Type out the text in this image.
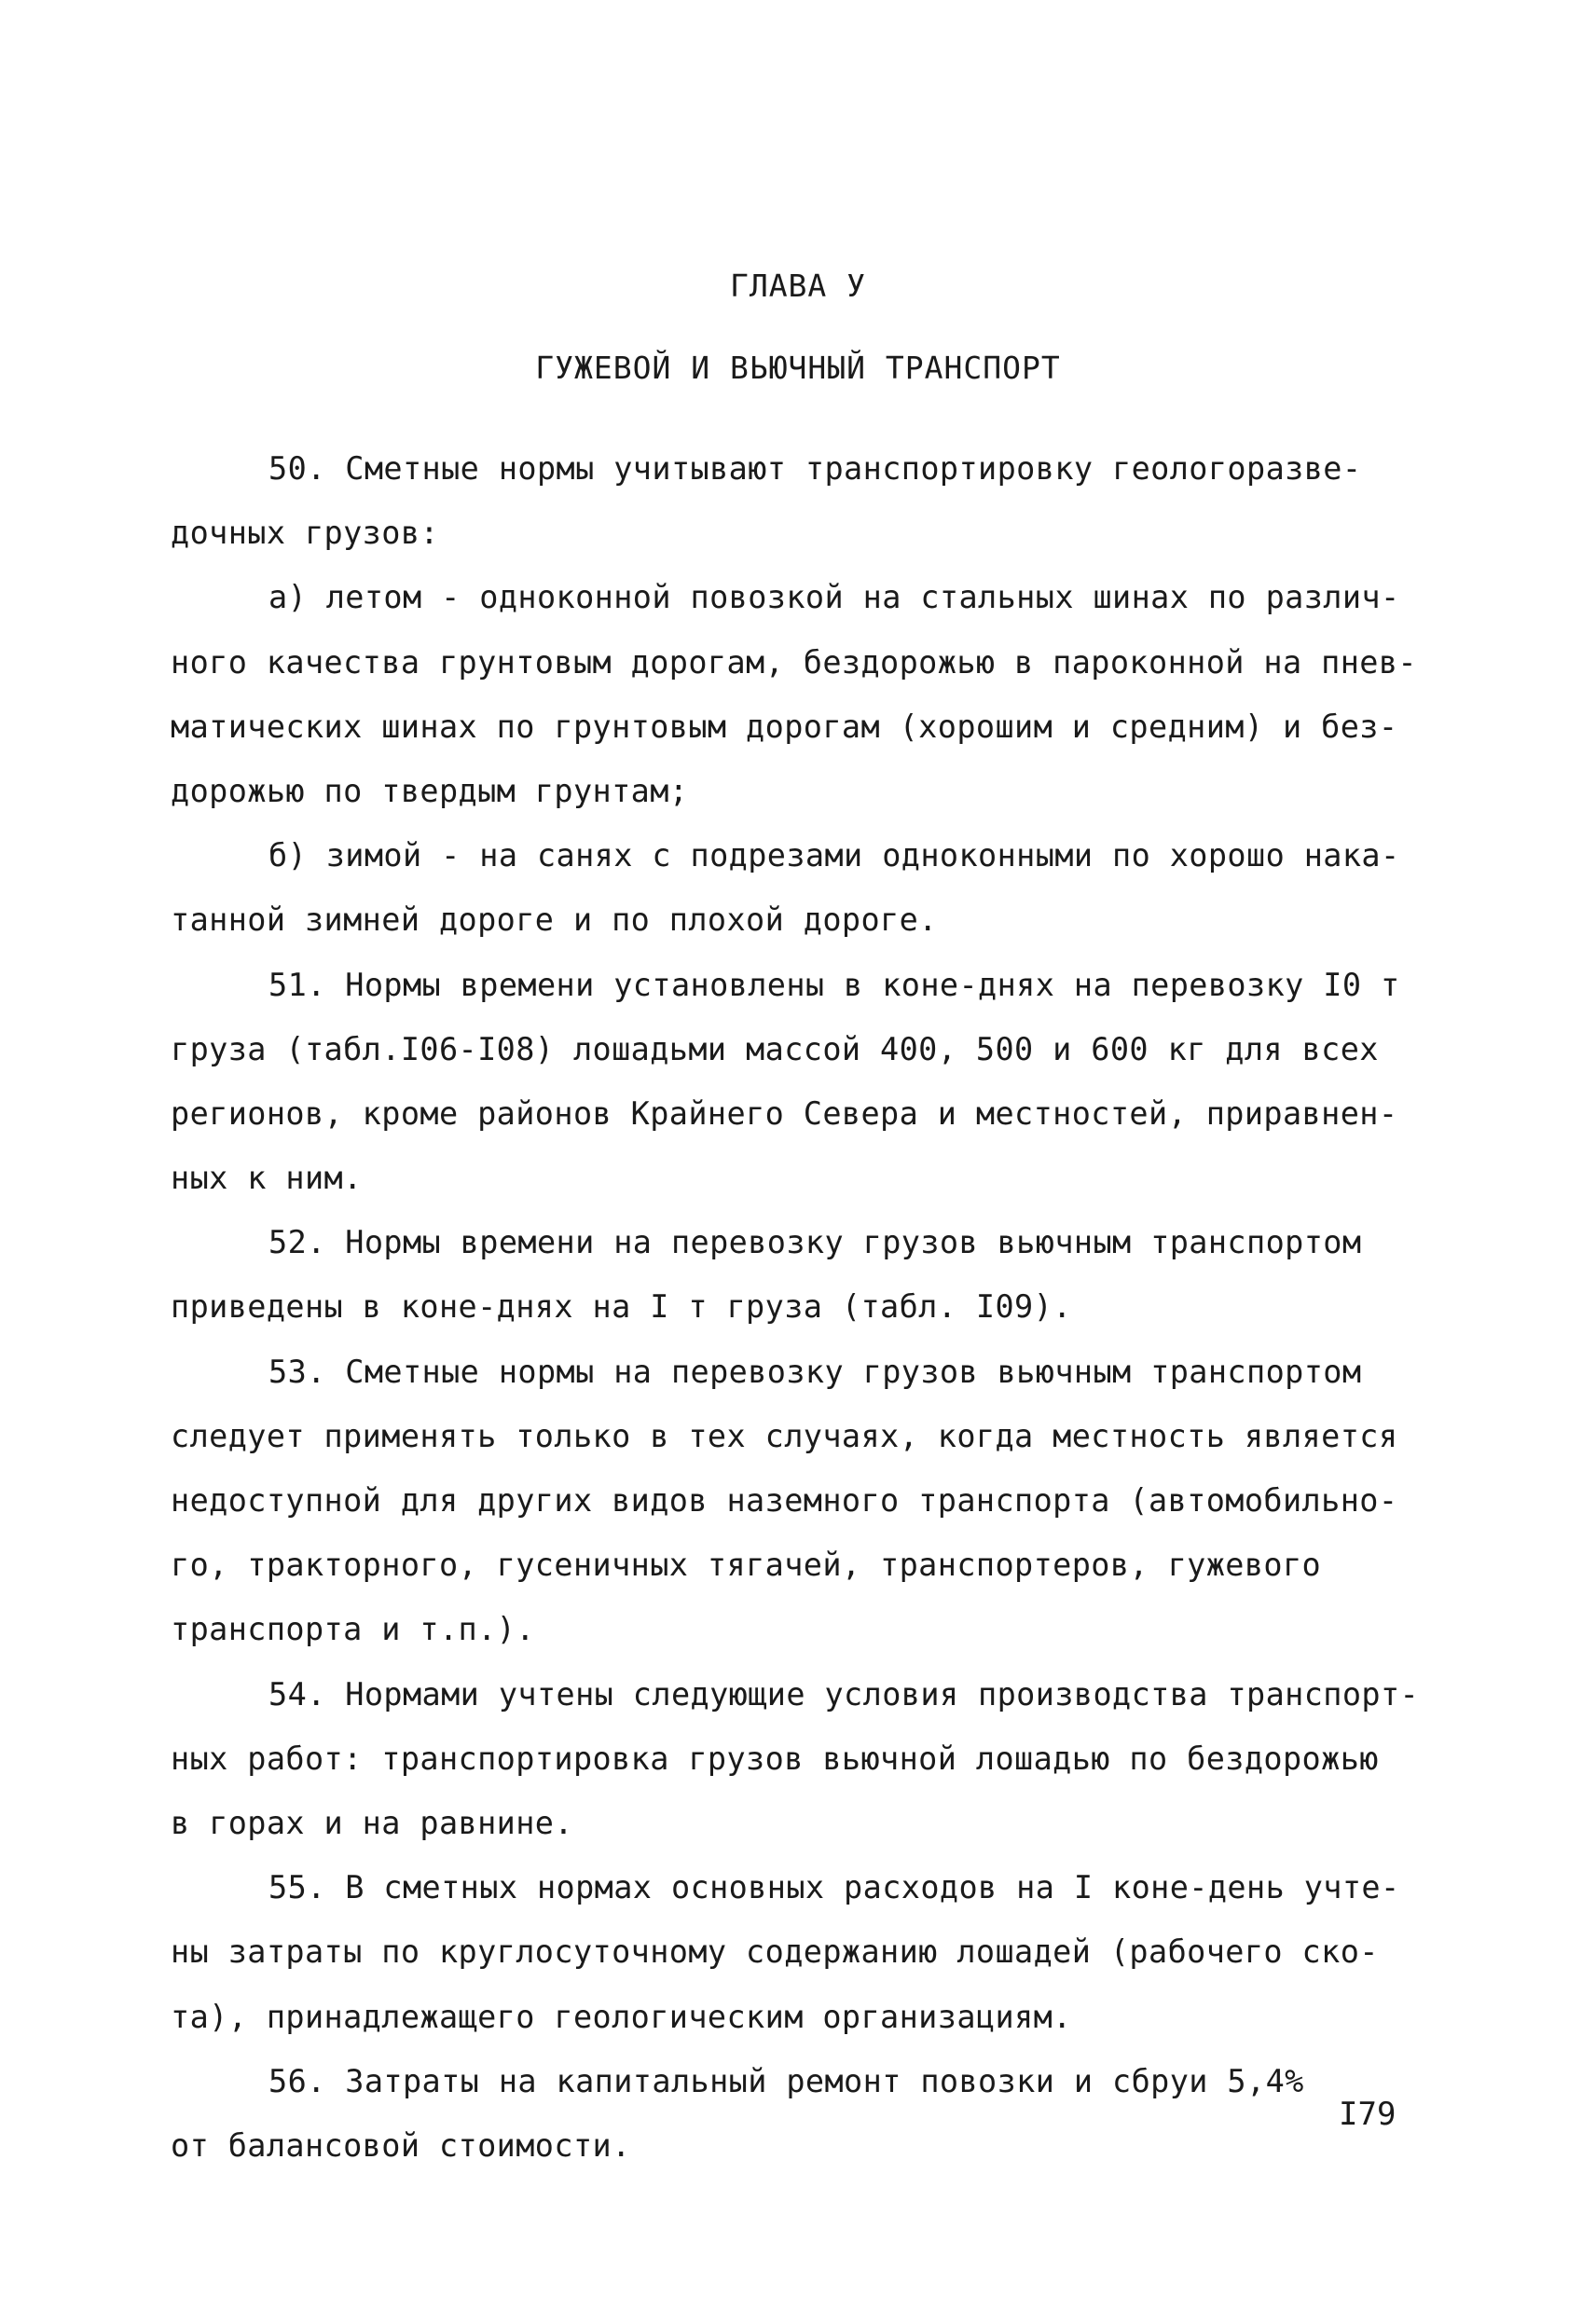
ГЛАВА У
ГУЖЕВОЙ И ВЬЮЧНЫЙ ТРАНСПОРТ
50. Сметные нормы учитывают транспортировку геологоразве-
дочных грузов:
а) летом - одноконной повозкой на стальных шинах по различ-
ного качества грунтовым дорогам, бездорожью в пароконной на пнев-
матических шинах по грунтовым дорогам (хорошим и средним) и без-
дорожью по твердым грунтам;
б) зимой - на санях с подрезами одноконными по хорошо нака-
танной зимней дороге и по плохой дороге.
51. Нормы времени установлены в коне-днях на перевозку I0 т
груза (табл.I06-I08) лошадьми массой 400, 500 и 600 кг для всех
регионов, кроме районов Крайнего Севера и местностей, приравнен-
ных к ним.
52. Нормы времени на перевозку грузов вьючным транспортом
приведены в коне-днях на I т груза (табл. I09).
53. Сметные нормы на перевозку грузов вьючным транспортом
следует применять только в тех случаях, когда местность является
недоступной для других видов наземного транспорта (автомобильно-
го, тракторного, гусеничных тягачей, транспортеров, гужевого
транспорта и т.п.).
54. Нормами учтены следующие условия производства транспорт-
ных работ: транспортировка грузов вьючной лошадью по бездорожью
в горах и на равнине.
55. В сметных нормах основных расходов на I коне-день учте-
ны затраты по круглосуточному содержанию лошадей (рабочего ско-
та), принадлежащего геологическим организациям.
56. Затраты на капитальный ремонт повозки и сбруи 5,4%
от балансовой стоимости.
I79
